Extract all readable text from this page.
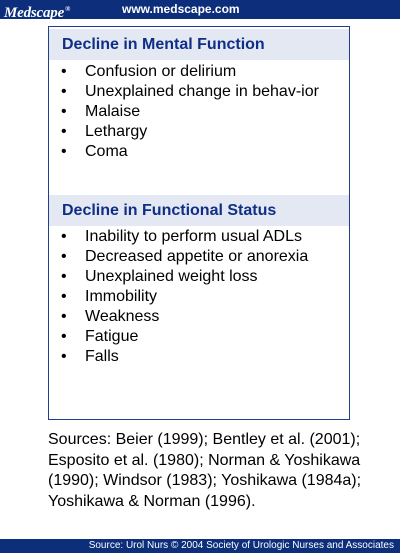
Medscape®	www.medscape.com
Decline in Mental Function
• Confusion or delirium
• Unexplained change in behav-ior
• Malaise
• Lethargy
• Coma
Decline in Functional Status
• Inability to perform usual ADLs
• Decreased appetite or anorexia
• Unexplained weight loss
• Immobility
• Weakness
• Fatigue
• Falls

Sources: Beier (1999); Bentley et al. (2001); Esposito et al. (1980); Norman & Yoshikawa (1990); Windsor (1983); Yoshikawa (1984a); Yoshikawa & Norman (1996).

Source: Urol Nurs © 2004 Society of Urologic Nurses and Associates
